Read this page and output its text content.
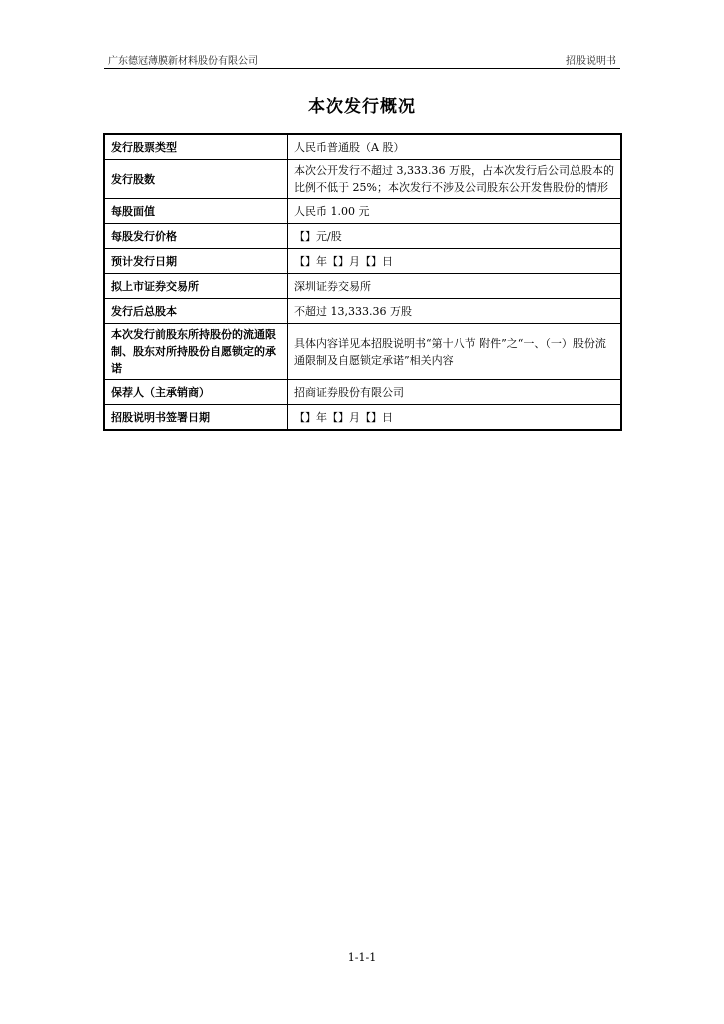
广东德冠薄膜新材料股份有限公司	招股说明书
本次发行概况
发行股票类型	人民币普通股（A 股）
发行股数	本次公开发行不超过 3,333.36 万股，占本次发行后公司总股本的比例不低于 25%；本次发行不涉及公司股东公开发售股份的情形
每股面值	人民币 1.00 元
每股发行价格	【】元/股
预计发行日期	【】年【】月【】日
拟上市证券交易所	深圳证券交易所
发行后总股本	不超过 13,333.36 万股
本次发行前股东所持股份的流通限制、股东对所持股份自愿锁定的承诺	具体内容详见本招股说明书“第十八节 附件”之“一、（一）股份流通限制及自愿锁定承诺”相关内容
保荐人（主承销商）	招商证券股份有限公司
招股说明书签署日期	【】年【】月【】日
1-1-1
